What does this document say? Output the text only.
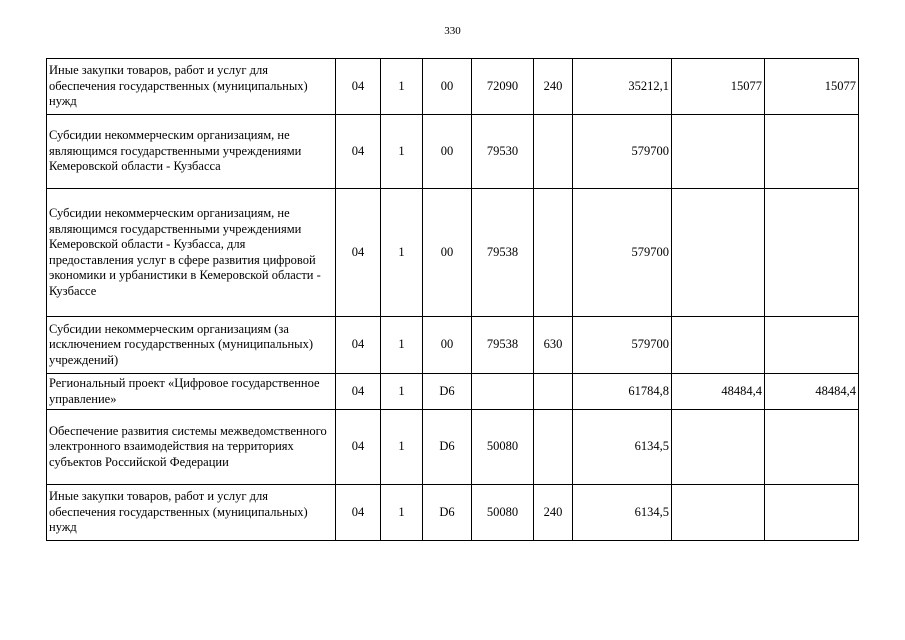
330
Иные закупки товаров, работ и услуг для обеспечения государственных (муниципальных) нужд	04	1	00	72090	240	35212,1	15077	15077
Субсидии некоммерческим организациям, не являющимся государственными учреждениями Кемеровской области - Кузбасса	04	1	00	79530		579700		
Субсидии некоммерческим организациям, не являющимся государственными учреждениями Кемеровской области - Кузбасса, для предоставления услуг в сфере развития цифровой экономики и урбанистики в Кемеровской области - Кузбассе	04	1	00	79538		579700		
Субсидии некоммерческим организациям (за исключением государственных (муниципальных) учреждений)	04	1	00	79538	630	579700		
Региональный проект «Цифровое государственное управление»	04	1	D6			61784,8	48484,4	48484,4
Обеспечение развития системы межведомственного электронного взаимодействия на территориях субъектов Российской Федерации	04	1	D6	50080		6134,5		
Иные закупки товаров, работ и услуг для обеспечения государственных (муниципальных) нужд	04	1	D6	50080	240	6134,5		
